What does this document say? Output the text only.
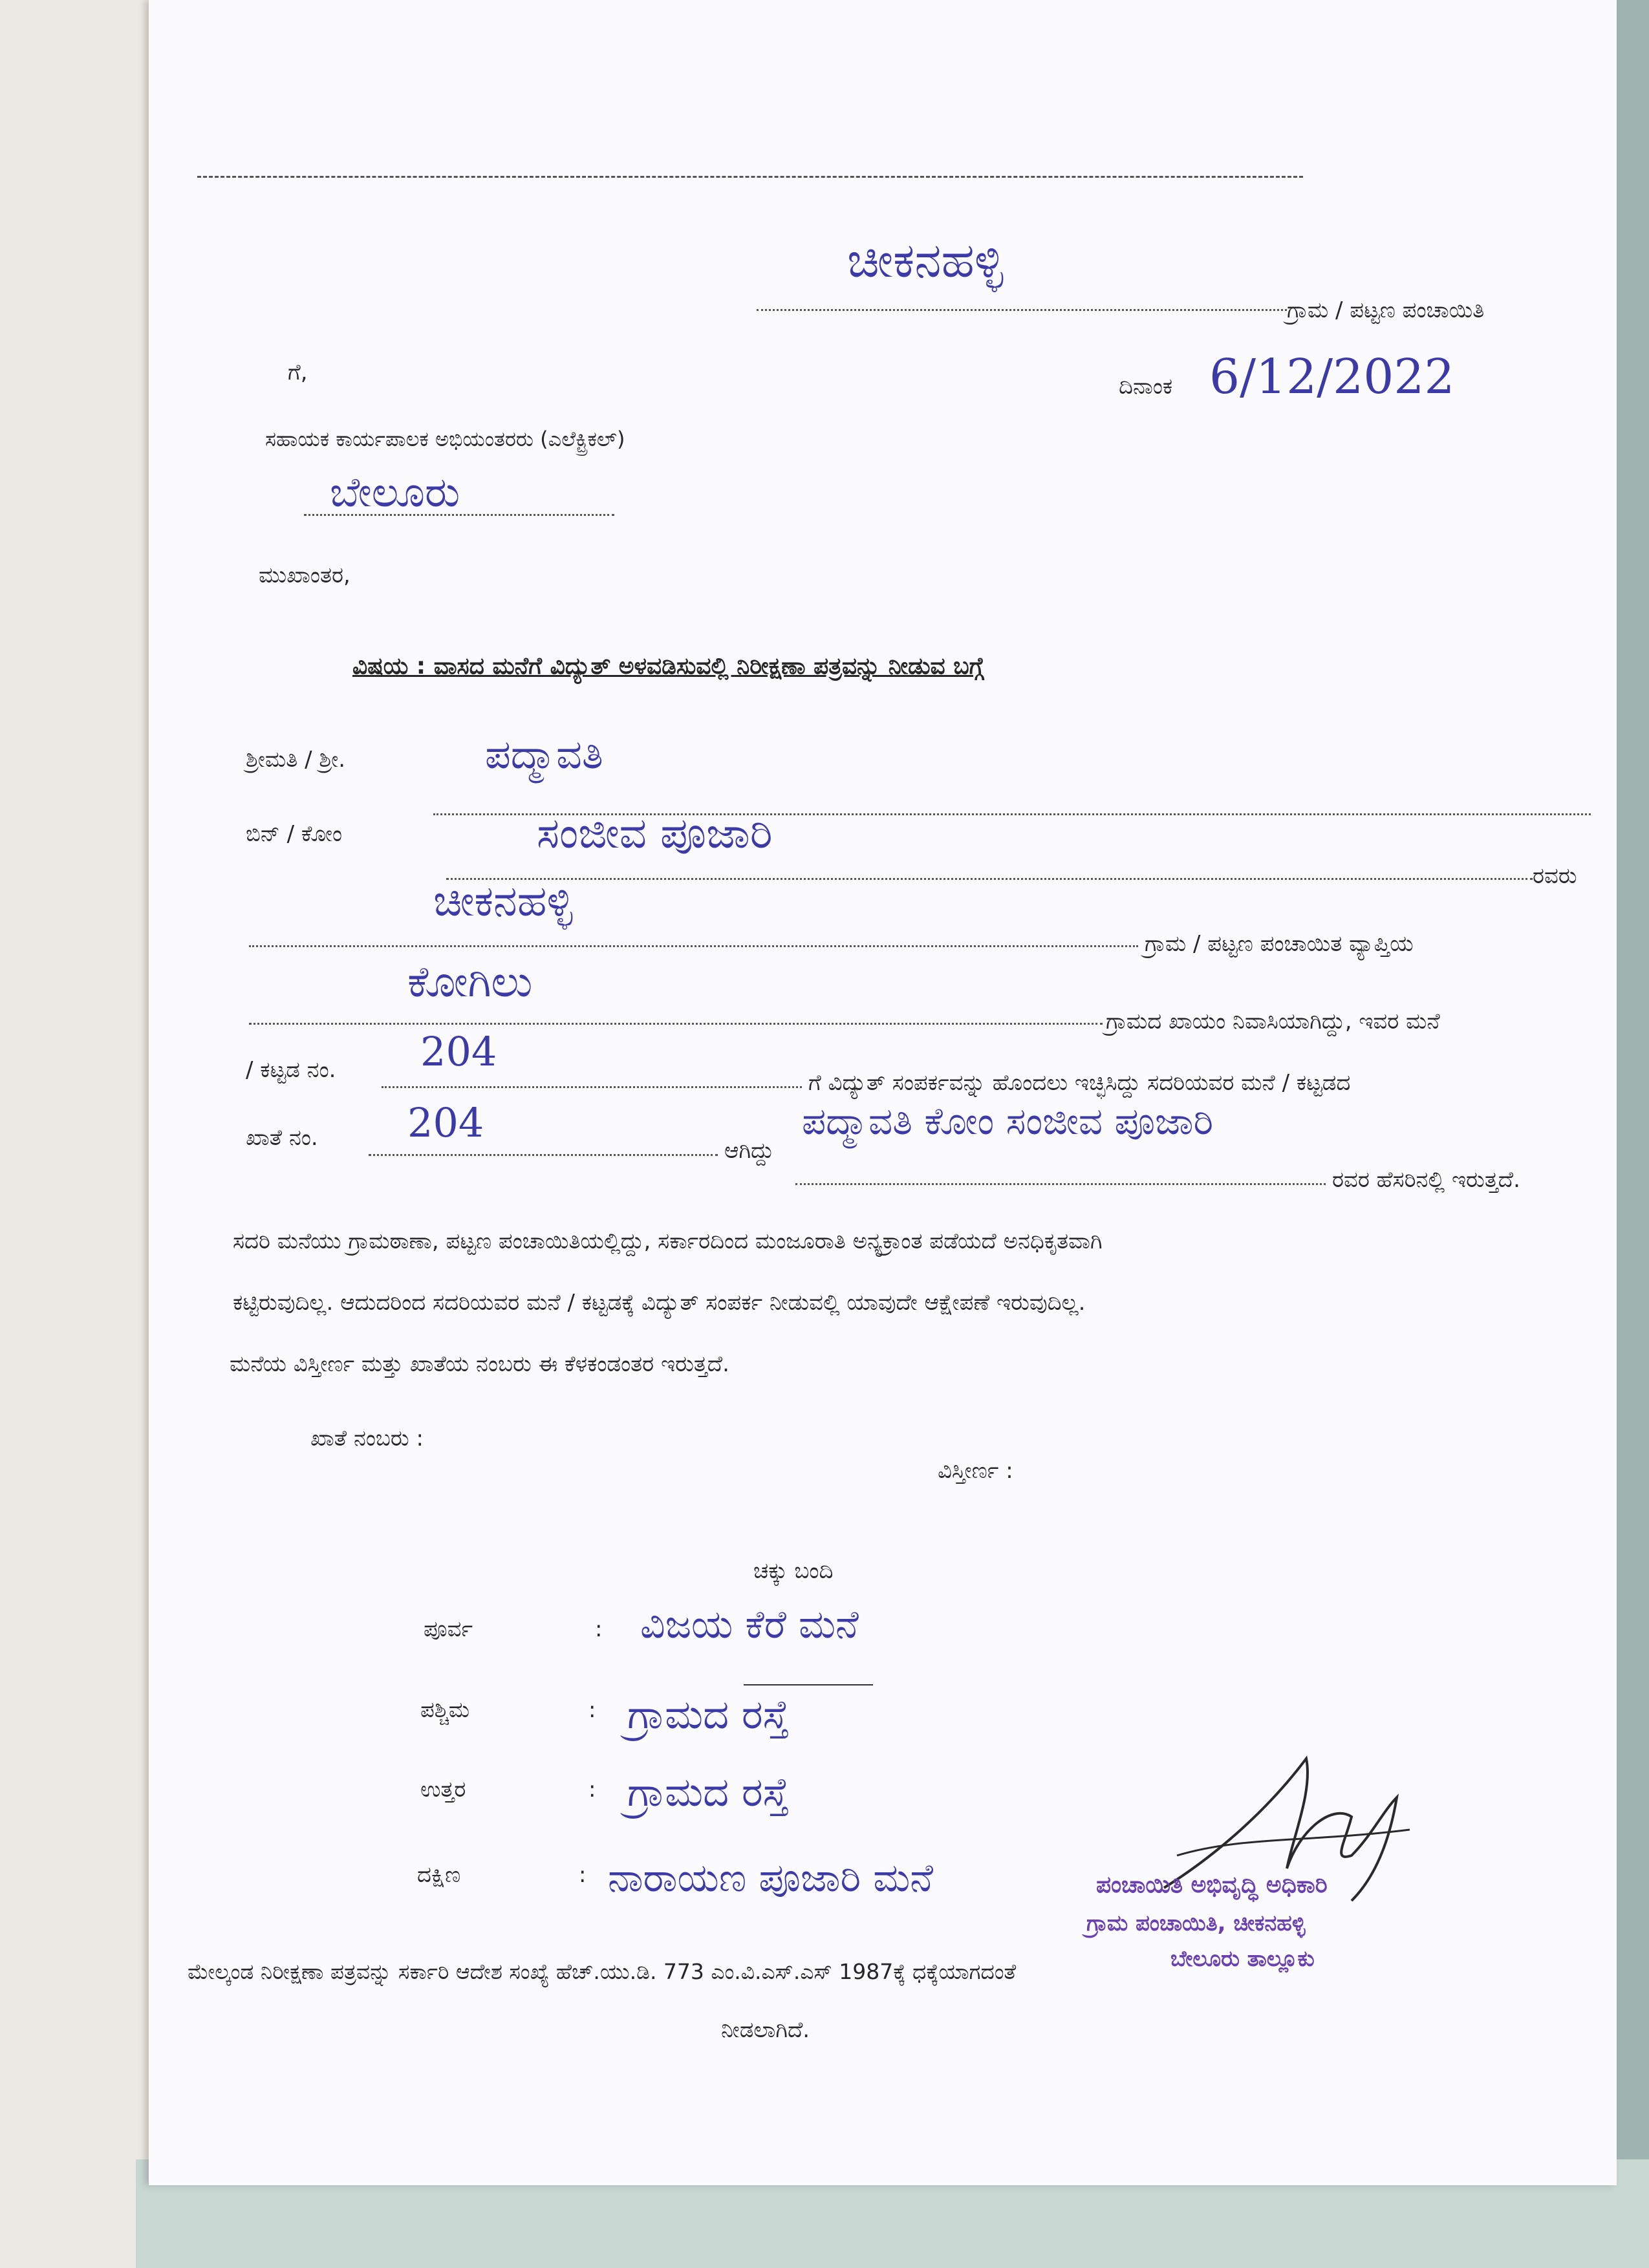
ಚೀಕನಹಳ್ಳಿ
ಗ್ರಾಮ / ಪಟ್ಟಣ ಪಂಚಾಯಿತಿ
ದಿನಾಂಕ 6/12/2022
ಗೆ,
ಸಹಾಯಕ ಕಾರ್ಯಪಾಲಕ ಅಭಿಯಂತರರು (ಎಲೆಕ್ಟ್ರಿಕಲ್)
ಬೇಲೂರು
ಮುಖಾಂತರ,
ವಿಷಯ : ವಾಸದ ಮನೆಗೆ ವಿದ್ಯುತ್ ಅಳವಡಿಸುವಲ್ಲಿ ನಿರೀಕ್ಷಣಾ ಪತ್ರವನ್ನು ನೀಡುವ ಬಗ್ಗೆ
ಶ್ರೀಮತಿ / ಶ್ರೀ.	ಪದ್ಮಾವತಿ
ಬಿನ್ / ಕೋಂ	ಸಂಜೀವ ಪೂಜಾರಿ
ರವರು
ಚೀಕನಹಳ್ಳಿ
ಗ್ರಾಮ / ಪಟ್ಟಣ ಪಂಚಾಯಿತ ವ್ಯಾಪ್ತಿಯ
ಕೋಗಿಲು
ಗ್ರಾಮದ ಖಾಯಂ ನಿವಾಸಿಯಾಗಿದ್ದು, ಇವರ ಮನೆ
/ ಕಟ್ಟಡ ನಂ. 204
ಗೆ ವಿದ್ಯುತ್ ಸಂಪರ್ಕವನ್ನು ಹೊಂದಲು ಇಚ್ಛಿಸಿದ್ದು ಸದರಿಯವರ ಮನೆ / ಕಟ್ಟಡದ
ಖಾತೆ ನಂ. 204
ಆಗಿದ್ದು
ಪದ್ಮಾವತಿ ಕೋಂ ಸಂಜೀವ ಪೂಜಾರಿ
ರವರ ಹೆಸರಿನಲ್ಲಿ ಇರುತ್ತದೆ.
ಸದರಿ ಮನೆಯು ಗ್ರಾಮಠಾಣಾ, ಪಟ್ಟಣ ಪಂಚಾಯಿತಿಯಲ್ಲಿದ್ದು, ಸರ್ಕಾರದಿಂದ ಮಂಜೂರಾತಿ ಅನ್ಯಕ್ರಾಂತ ಪಡೆಯದೆ ಅನಧಿಕೃತವಾಗಿ
ಕಟ್ಟಿರುವುದಿಲ್ಲ. ಆದುದರಿಂದ ಸದರಿಯವರ ಮನೆ / ಕಟ್ಟಡಕ್ಕೆ ವಿದ್ಯುತ್ ಸಂಪರ್ಕ ನೀಡುವಲ್ಲಿ ಯಾವುದೇ ಆಕ್ಷೇಪಣೆ ಇರುವುದಿಲ್ಲ.
ಮನೆಯ ವಿಸ್ತೀರ್ಣ ಮತ್ತು ಖಾತೆಯ ನಂಬರು ಈ ಕೆಳಕಂಡಂತರ ಇರುತ್ತದೆ.
ಖಾತೆ ನಂಬರು :
ವಿಸ್ತೀರ್ಣ :
ಚಕ್ಕು ಬಂದಿ
ಪೂರ್ವ	: ವಿಜಯ ಕೆರೆ ಮನೆ
ಪಶ್ಚಿಮ	: ಗ್ರಾಮದ ರಸ್ತೆ
ಉತ್ತರ	: ಗ್ರಾಮದ ರಸ್ತೆ
ದಕ್ಷಿಣ	: ನಾರಾಯಣ ಪೂಜಾರಿ ಮನೆ	ಪಂಚಾಯಿತಿ ಅಭಿವೃದ್ಧಿ ಅಧಿಕಾರಿ
ಗ್ರಾಮ ಪಂಚಾಯಿತಿ, ಚೀಕನಹಳ್ಳಿ
ಬೇಲೂರು ತಾಲ್ಲೂಕು
ಮೇಲ್ಕಂಡ ನಿರೀಕ್ಷಣಾ ಪತ್ರವನ್ನು ಸರ್ಕಾರಿ ಆದೇಶ ಸಂಖ್ಯೆ ಹೆಚ್.ಯು.ಡಿ. 773 ಎಂ.ವಿ.ಎಸ್.ಎಸ್ 1987ಕ್ಕೆ ಧಕ್ಕೆಯಾಗದಂತೆ
ನೀಡಲಾಗಿದೆ.
